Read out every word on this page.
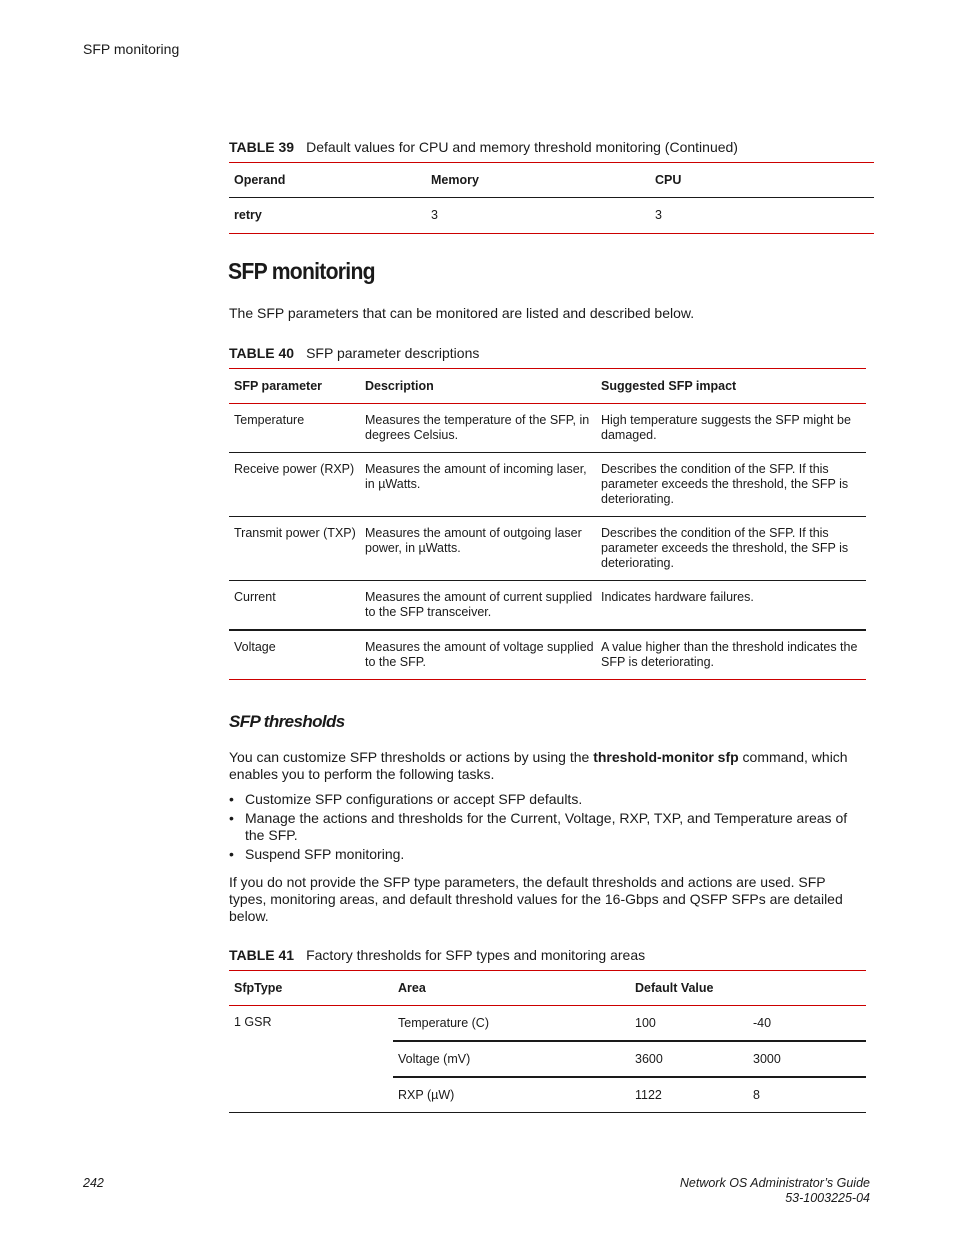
SFP monitoring
TABLE 39 Default values for CPU and memory threshold monitoring (Continued)
Operand	Memory	CPU
retry	3	3
SFP monitoring
The SFP parameters that can be monitored are listed and described below.
TABLE 40 SFP parameter descriptions
SFP parameter	Description	Suggested SFP impact
Temperature	Measures the temperature of the SFP, in degrees Celsius.	High temperature suggests the SFP might be damaged.
Receive power (RXP)	Measures the amount of incoming laser, in µWatts.	Describes the condition of the SFP. If this parameter exceeds the threshold, the SFP is deteriorating.
Transmit power (TXP)	Measures the amount of outgoing laser power, in µWatts.	Describes the condition of the SFP. If this parameter exceeds the threshold, the SFP is deteriorating.
Current	Measures the amount of current supplied to the SFP transceiver.	Indicates hardware failures.
Voltage	Measures the amount of voltage supplied to the SFP.	A value higher than the threshold indicates the SFP is deteriorating.
SFP thresholds
You can customize SFP thresholds or actions by using the threshold-monitor sfp command, which enables you to perform the following tasks.
• Customize SFP configurations or accept SFP defaults.
• Manage the actions and thresholds for the Current, Voltage, RXP, TXP, and Temperature areas of the SFP.
• Suspend SFP monitoring.
If you do not provide the SFP type parameters, the default thresholds and actions are used. SFP types, monitoring areas, and default threshold values for the 16-Gbps and QSFP SFPs are detailed below.
TABLE 41 Factory thresholds for SFP types and monitoring areas
SfpType	Area	Default Value	
1 GSR	Temperature (C)	100	-40
	Voltage (mV)	3600	3000
	RXP (µW)	1122	8
242	Network OS Administrator’s Guide
53-1003225-04
